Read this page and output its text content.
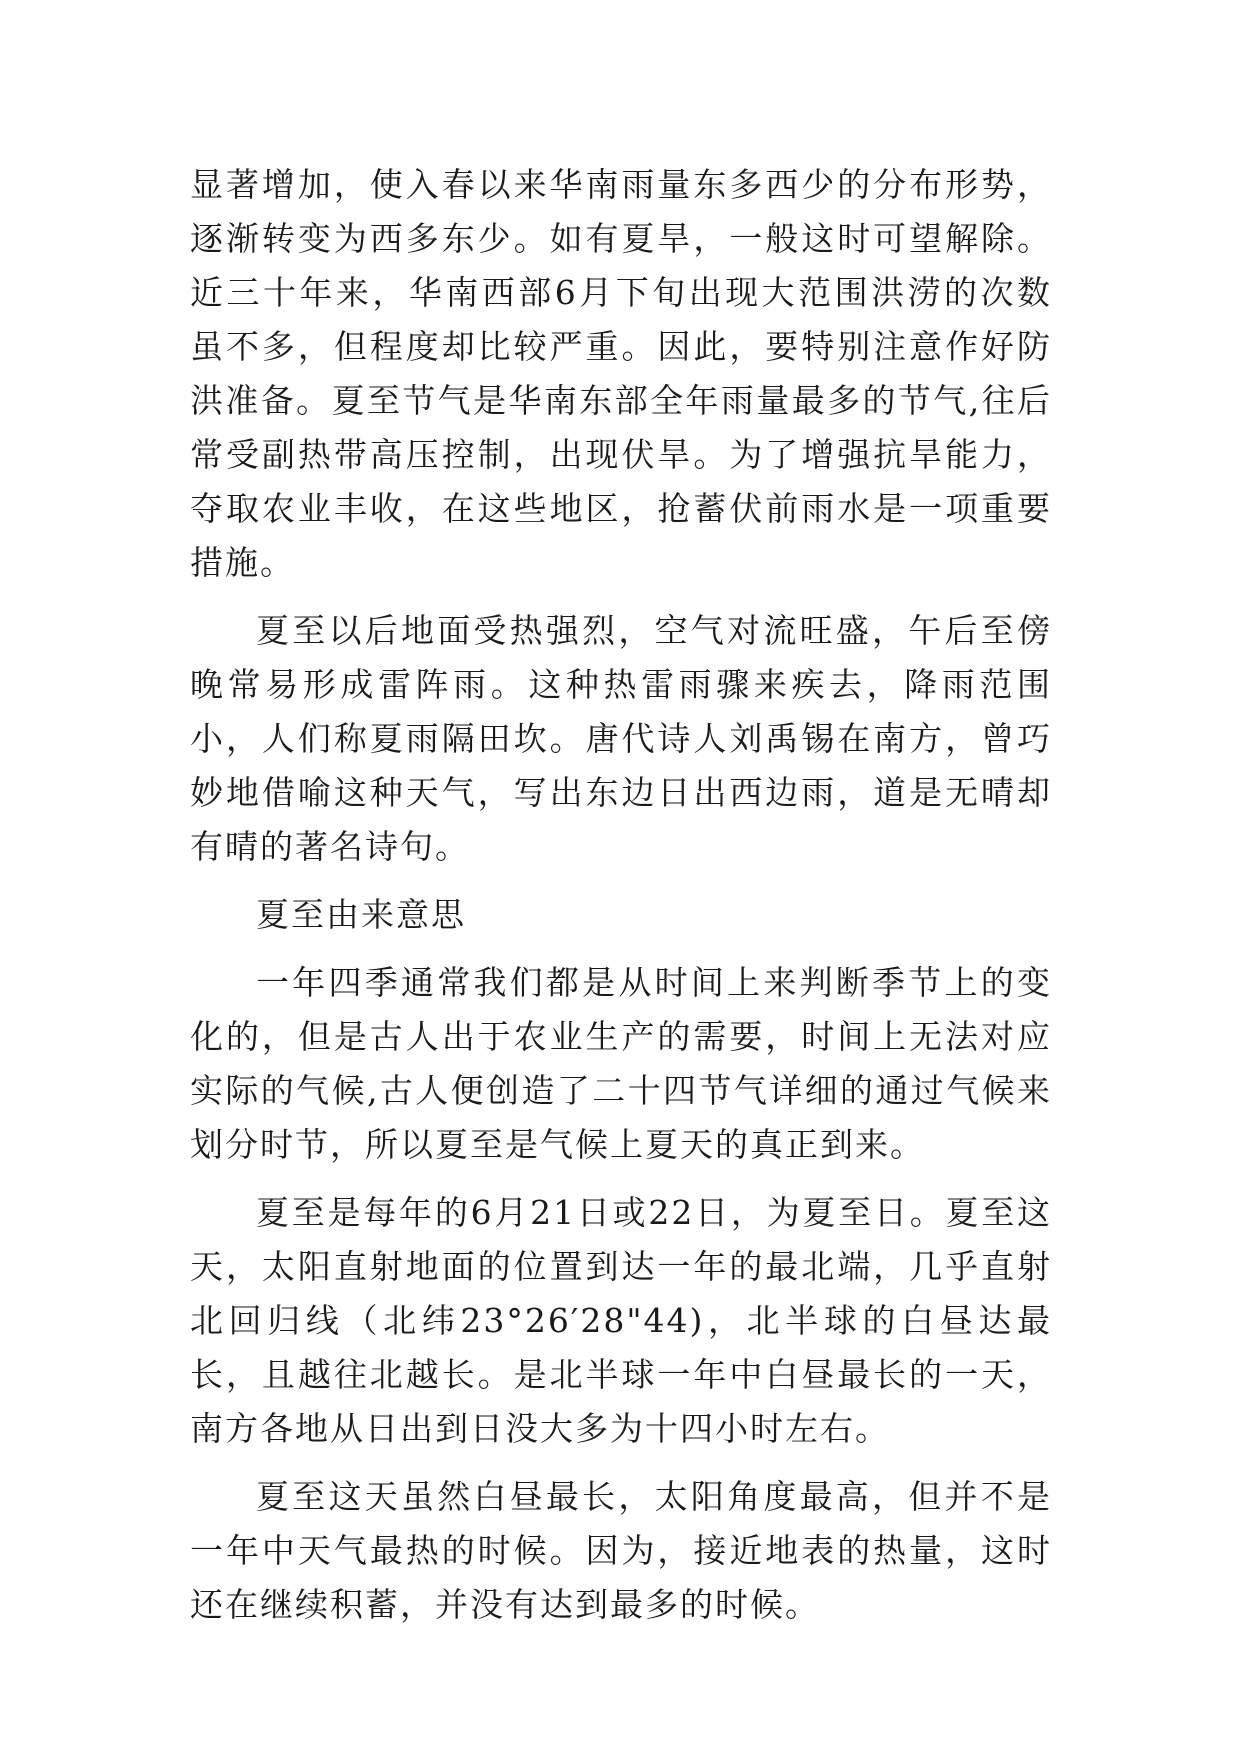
显著增加，使入春以来华南雨量东多西少的分布形势，逐渐转变为西多东少。如有夏旱，一般这时可望解除。近三十年来，华南西部6月下旬出现大范围洪涝的次数虽不多，但程度却比较严重。因此，要特别注意作好防洪准备。夏至节气是华南东部全年雨量最多的节气,往后常受副热带高压控制，出现伏旱。为了增强抗旱能力，夺取农业丰收，在这些地区，抢蓄伏前雨水是一项重要措施。

夏至以后地面受热强烈，空气对流旺盛，午后至傍晚常易形成雷阵雨。这种热雷雨骤来疾去，降雨范围小，人们称夏雨隔田坎。唐代诗人刘禹锡在南方，曾巧妙地借喻这种天气，写出东边日出西边雨，道是无晴却有晴的著名诗句。

夏至由来意思

一年四季通常我们都是从时间上来判断季节上的变化的，但是古人出于农业生产的需要，时间上无法对应实际的气候,古人便创造了二十四节气详细的通过气候来划分时节，所以夏至是气候上夏天的真正到来。

夏至是每年的6月21日或22日，为夏至日。夏至这天，太阳直射地面的位置到达一年的最北端，几乎直射北回归线（北纬23°26′28"44)，北半球的白昼达最长，且越往北越长。是北半球一年中白昼最长的一天，南方各地从日出到日没大多为十四小时左右。

夏至这天虽然白昼最长，太阳角度最高，但并不是一年中天气最热的时候。因为，接近地表的热量，这时还在继续积蓄，并没有达到最多的时候。
